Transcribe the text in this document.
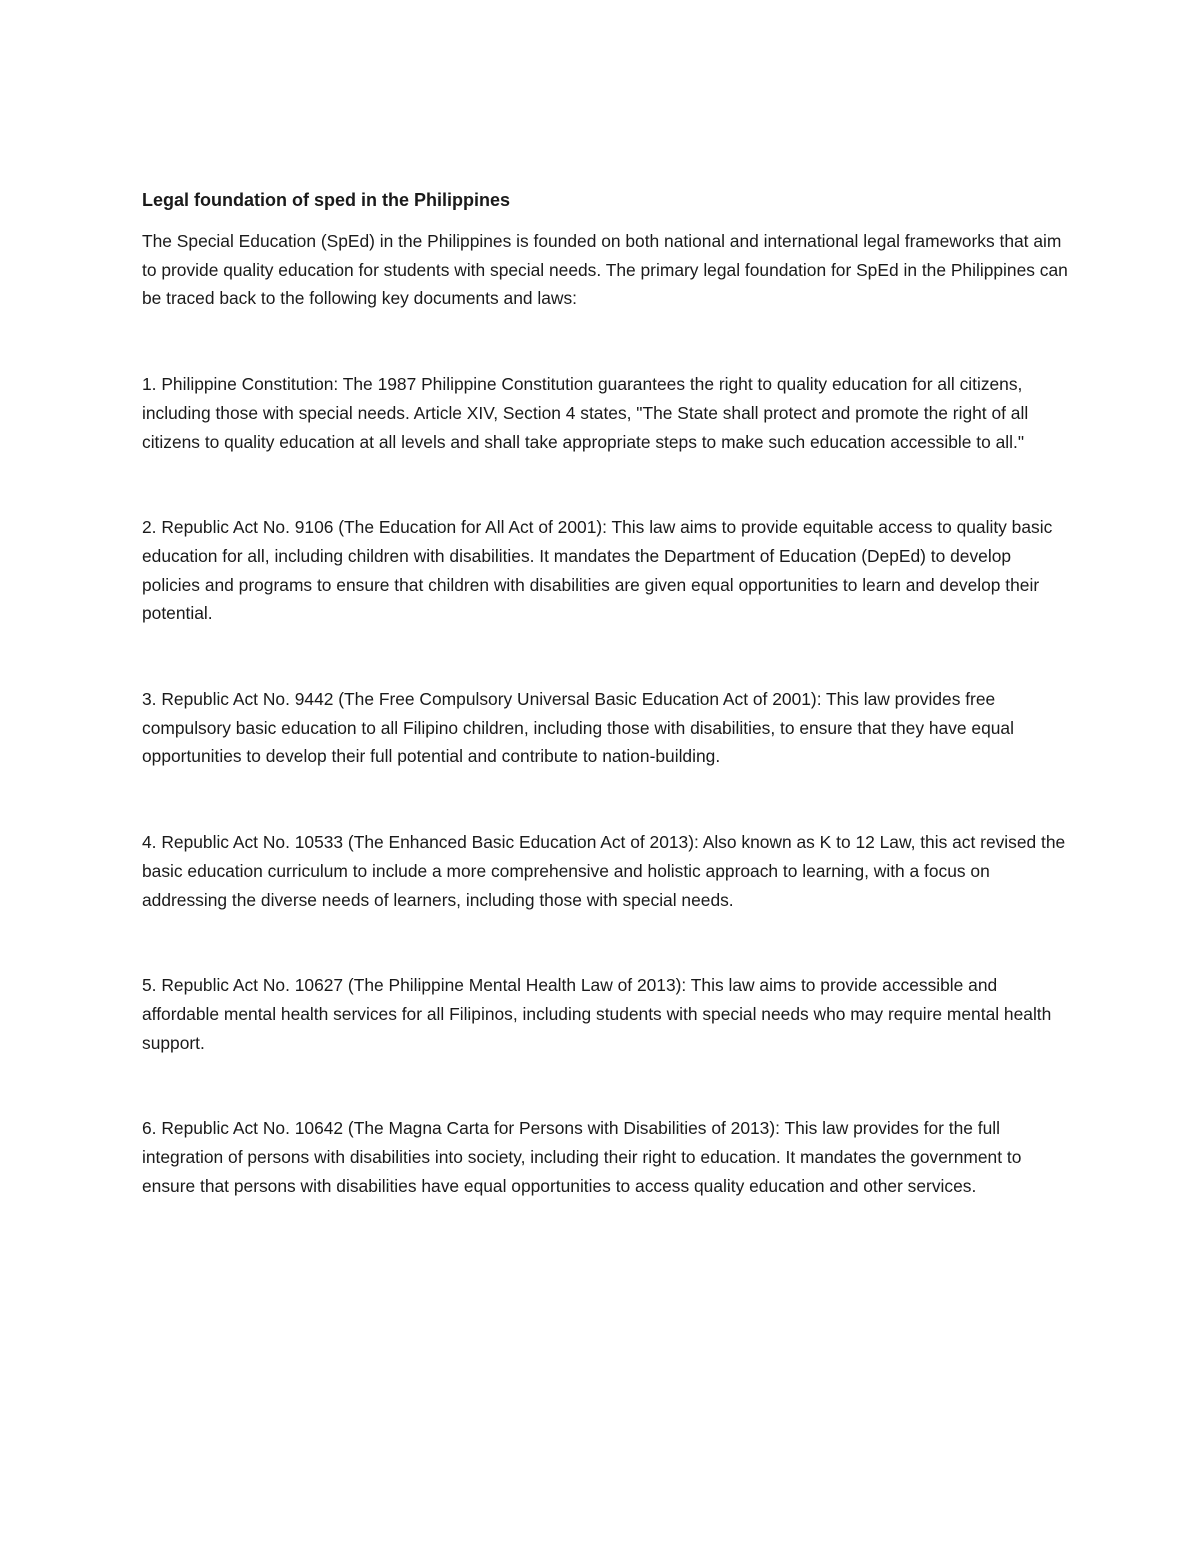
Legal foundation of sped in the Philippines

The Special Education (SpEd) in the Philippines is founded on both national and international legal frameworks that aim to provide quality education for students with special needs. The primary legal foundation for SpEd in the Philippines can be traced back to the following key documents and laws:

1. Philippine Constitution: The 1987 Philippine Constitution guarantees the right to quality education for all citizens, including those with special needs. Article XIV, Section 4 states, "The State shall protect and promote the right of all citizens to quality education at all levels and shall take appropriate steps to make such education accessible to all."

2. Republic Act No. 9106 (The Education for All Act of 2001): This law aims to provide equitable access to quality basic education for all, including children with disabilities. It mandates the Department of Education (DepEd) to develop policies and programs to ensure that children with disabilities are given equal opportunities to learn and develop their potential.

3. Republic Act No. 9442 (The Free Compulsory Universal Basic Education Act of 2001): This law provides free compulsory basic education to all Filipino children, including those with disabilities, to ensure that they have equal opportunities to develop their full potential and contribute to nation-building.

4. Republic Act No. 10533 (The Enhanced Basic Education Act of 2013): Also known as K to 12 Law, this act revised the basic education curriculum to include a more comprehensive and holistic approach to learning, with a focus on addressing the diverse needs of learners, including those with special needs.

5. Republic Act No. 10627 (The Philippine Mental Health Law of 2013): This law aims to provide accessible and affordable mental health services for all Filipinos, including students with special needs who may require mental health support.

6. Republic Act No. 10642 (The Magna Carta for Persons with Disabilities of 2013): This law provides for the full integration of persons with disabilities into society, including their right to education. It mandates the government to ensure that persons with disabilities have equal opportunities to access quality education and other services.
